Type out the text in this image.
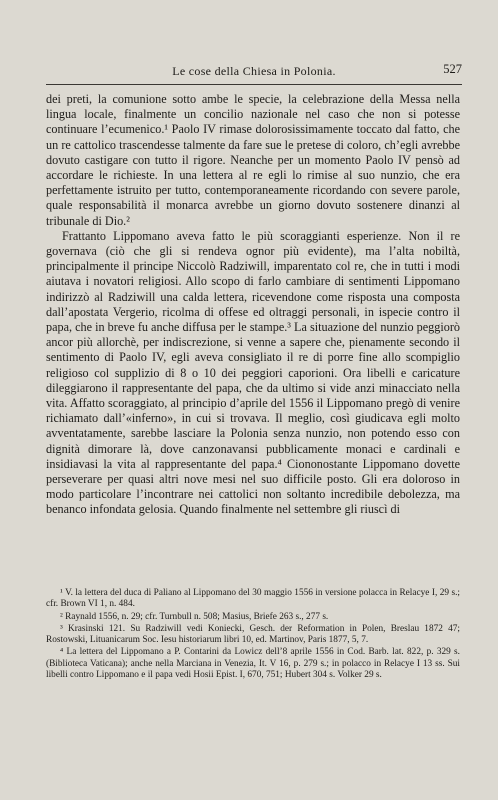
Le cose della Chiesa in Polonia.	527

dei preti, la comunione sotto ambe le specie, la celebrazione della Messa nella lingua locale, finalmente un concilio nazionale nel caso che non si potesse continuare l’ecumenico.¹ Paolo IV rimase dolorosissimamente toccato dal fatto, che un re cattolico trascendesse talmente da fare sue le pretese di coloro, ch’egli avrebbe dovuto castigare con tutto il rigore. Neanche per un momento Paolo IV pensò ad accordare le richieste. In una lettera al re egli lo rimise al suo nunzio, che era perfettamente istruito per tutto, contemporaneamente ricordando con severe parole, quale responsabilità il monarca avrebbe un giorno dovuto sostenere dinanzi al tribunale di Dio.²

Frattanto Lippomano aveva fatto le più scoraggianti esperienze. Non il re governava (ciò che gli si rendeva ognor più evidente), ma l’alta nobiltà, principalmente il principe Niccolò Radziwill, imparentato col re, che in tutti i modi aiutava i novatori religiosi. Allo scopo di farlo cambiare di sentimenti Lippomano indirizzò al Radziwill una calda lettera, ricevendone come risposta una composta dall’apostata Vergerio, ricolma di offese ed oltraggi personali, in ispecie contro il papa, che in breve fu anche diffusa per le stampe.³ La situazione del nunzio peggiorò ancor più allorchè, per indiscrezione, si venne a sapere che, pienamente secondo il sentimento di Paolo IV, egli aveva consigliato il re di porre fine allo scompiglio religioso col supplizio di 8 o 10 dei peggiori caporioni. Ora libelli e caricature dileggiarono il rappresentante del papa, che da ultimo si vide anzi minacciato nella vita. Affatto scoraggiato, al principio d’aprile del 1556 il Lippomano pregò di venire richiamato dall’«inferno», in cui si trovava. Il meglio, così giudicava egli molto avventatamente, sarebbe lasciare la Polonia senza nunzio, non potendo esso con dignità dimorare là, dove canzonavansi pubblicamente monaci e cardinali e insidiavasi la vita al rappresentante del papa.⁴ Ciononostante Lippomano dovette perseverare per quasi altri nove mesi nel suo difficile posto. Gli era doloroso in modo particolare l’incontrare nei cattolici non soltanto incredibile debolezza, ma benanco infondata gelosia. Quando finalmente nel settembre gli riuscì di

¹ V. la lettera del duca di Paliano al Lippomano del 30 maggio 1556 in versione polacca in Relacye I, 29 s.; cfr. Brown VI 1, n. 484.

² Raynald 1556, n. 29; cfr. Turnbull n. 508; Masius, Briefe 263 s., 277 s.

³ Krasinski 121. Su Radziwill vedi Koniecki, Gesch. der Reformation in Polen, Breslau 1872 47; Rostowski, Lituanicarum Soc. Iesu historiarum libri 10, ed. Martinov, Paris 1877, 5, 7.

⁴ La lettera del Lippomano a P. Contarini da Lowicz dell’8 aprile 1556 in Cod. Barb. lat. 822, p. 329 s. (Biblioteca Vaticana); anche nella Marciana in Venezia, It. V 16, p. 279 s.; in polacco in Relacye I 13 ss. Sui libelli contro Lippomano e il papa vedi Hosii Epist. I, 670, 751; Hubert 304 s. Volker 29 s.
